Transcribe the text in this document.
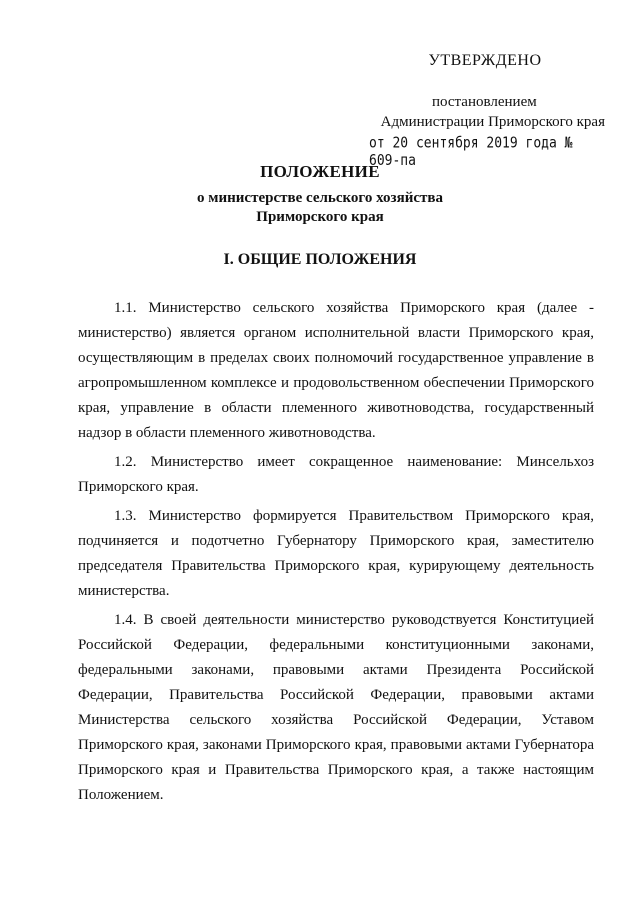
УТВЕРЖДЕНО
постановлением
Администрации Приморского края
от 20 сентября 2019 года № 609-па
ПОЛОЖЕНИЕ
о министерстве сельского хозяйства
Приморского края
I. ОБЩИЕ ПОЛОЖЕНИЯ

1.1. Министерство сельского хозяйства Приморского края (далее - министерство) является органом исполнительной власти Приморского края, осуществляющим в пределах своих полномочий государственное управление в агропромышленном комплексе и продовольственном обеспечении Приморского края, управление в области племенного животноводства, государственный надзор в области племенного животноводства.

1.2. Министерство имеет сокращенное наименование: Минсельхоз Приморского края.

1.3. Министерство формируется Правительством Приморского края, подчиняется и подотчетно Губернатору Приморского края, заместителю председателя Правительства Приморского края, курирующему деятельность министерства.

1.4. В своей деятельности министерство руководствуется Конституцией Российской Федерации, федеральными конституционными законами, федеральными законами, правовыми актами Президента Российской Федерации, Правительства Российской Федерации, правовыми актами Министерства сельского хозяйства Российской Федерации, Уставом Приморского края, законами Приморского края, правовыми актами Губернатора Приморского края и Правительства Приморского края, а также настоящим Положением.
